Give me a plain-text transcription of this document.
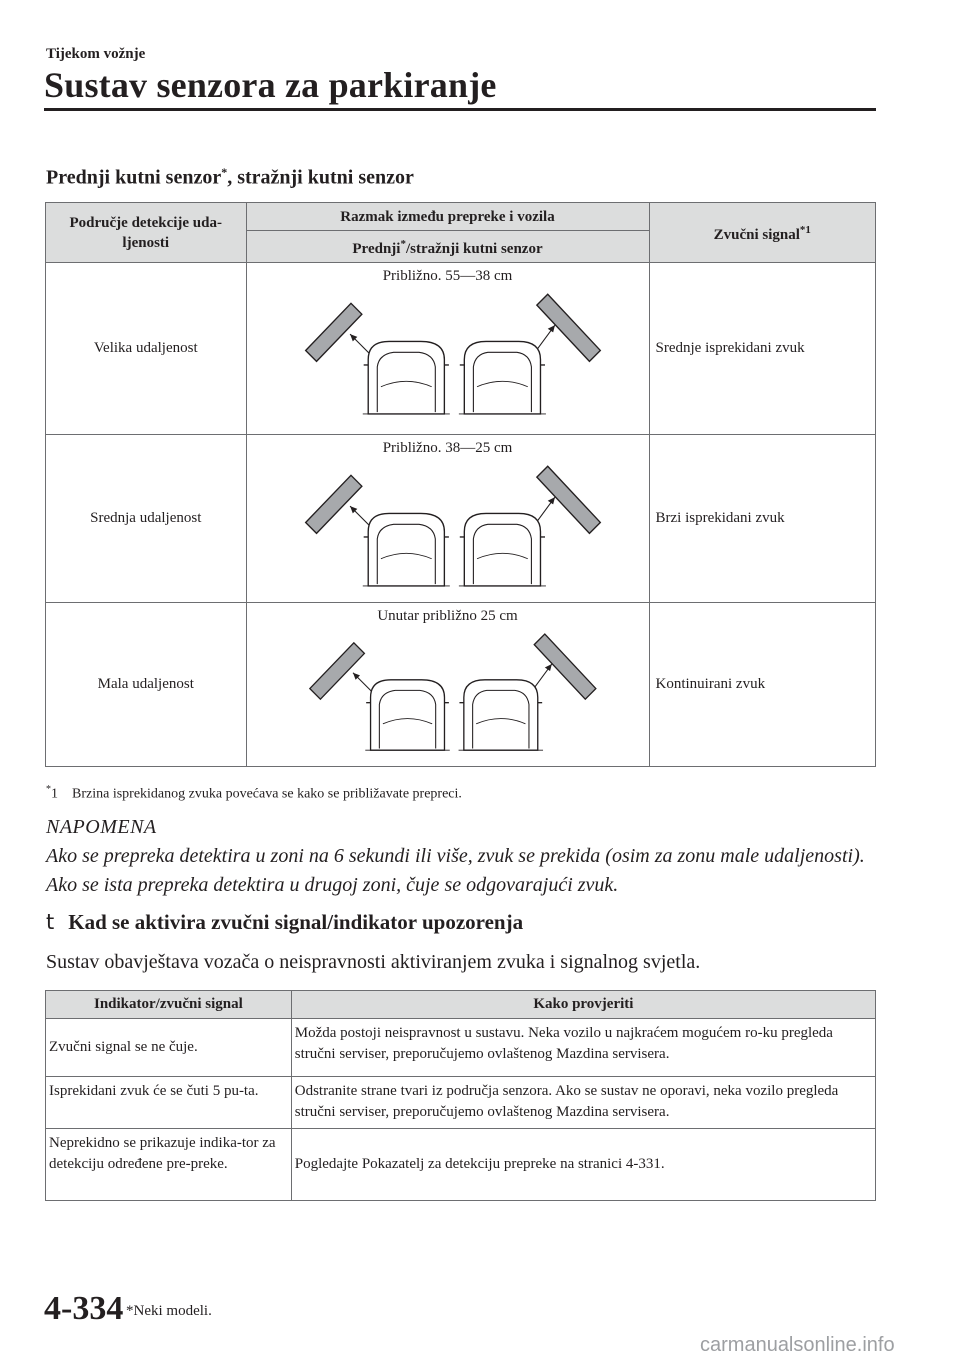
Tijekom vožnje
Sustav senzora za parkiranje
Prednji kutni senzor*, stražnji kutni senzor
Područje detekcije uda-ljenosti	Razmak između prepreke i vozila	Zvučni signal$^{*1}$
	Prednji*/stražnji kutni senzor	
Velika udaljenost	Približno. 55—38 cm	Srednje isprekidani zvuk
Srednja udaljenost	Približno. 38—25 cm	Brzi isprekidani zvuk
Mala udaljenost	Unutar približno 25 cm	Kontinuirani zvuk
*1 Brzina isprekidanog zvuka povećava se kako se približavate prepreci.
NAPOMENA
Ako se prepreka detektira u zoni na 6 sekundi ili više, zvuk se prekida (osim za zonu male udaljenosti). Ako se ista prepreka detektira u drugoj zoni, čuje se odgovarajući zvuk.
t Kad se aktivira zvučni signal/indikator upozorenja
Sustav obavještava vozača o neispravnosti aktiviranjem zvuka i signalnog svjetla.
Indikator/zvučni signal	Kako provjeriti
Zvučni signal se ne čuje.	Možda postoji neispravnost u sustavu. Neka vozilo u najkraćem mogućem ro-ku pregleda stručni serviser, preporučujemo ovlaštenog Mazdina servisera.
Isprekidani zvuk će se čuti 5 pu-ta.	Odstranite strane tvari iz područja senzora. Ako se sustav ne oporavi, neka vozilo pregleda stručni serviser, preporučujemo ovlaštenog Mazdina servisera.
Neprekidno se prikazuje indika-tor za detekciju određene pre-preke.	Pogledajte Pokazatelj za detekciju prepreke na stranici 4-331.
4-334 *Neki modeli.
carmanualsonline.info
